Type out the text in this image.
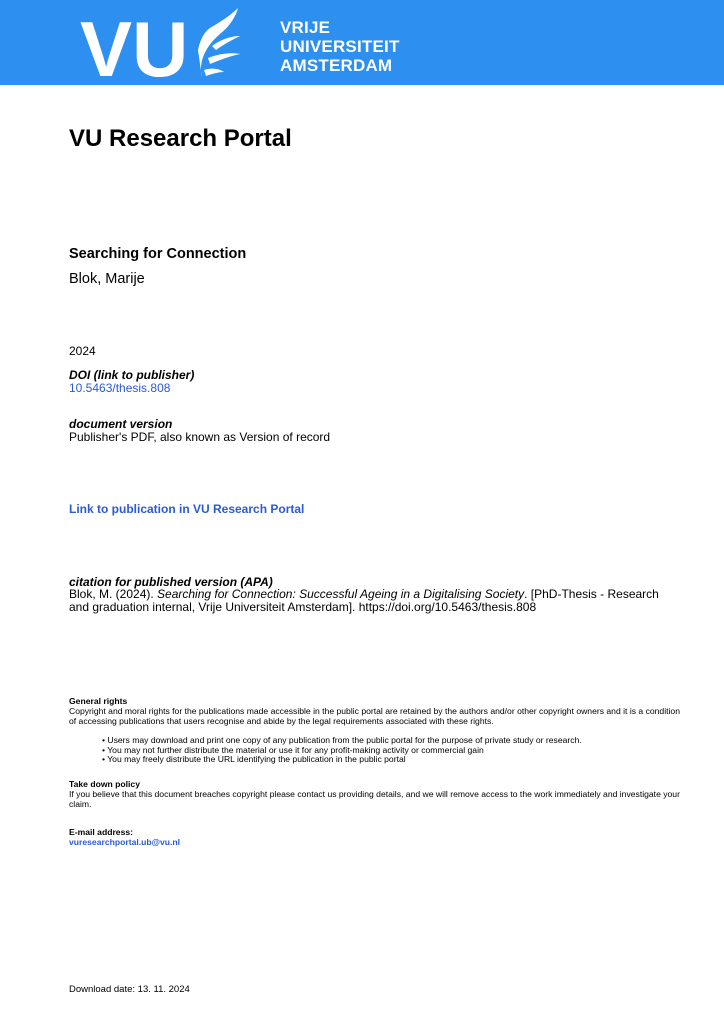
VU	VRIJE
UNIVERSITEIT
AMSTERDAM
VU Research Portal
Searching for Connection
Blok, Marije
2024
DOI (link to publisher)
10.5463/thesis.808
document version
Publisher's PDF, also known as Version of record
Link to publication in VU Research Portal
citation for published version (APA)
Blok, M. (2024). Searching for Connection: Successful Ageing in a Digitalising Society. [PhD-Thesis - Research and graduation internal, Vrije Universiteit Amsterdam]. https://doi.org/10.5463/thesis.808
General rights
Copyright and moral rights for the publications made accessible in the public portal are retained by the authors and/or other copyright owners and it is a condition of accessing publications that users recognise and abide by the legal requirements associated with these rights.
• Users may download and print one copy of any publication from the public portal for the purpose of private study or research.
• You may not further distribute the material or use it for any profit-making activity or commercial gain
• You may freely distribute the URL identifying the publication in the public portal
Take down policy
If you believe that this document breaches copyright please contact us providing details, and we will remove access to the work immediately and investigate your claim.
E-mail address:
vuresearchportal.ub@vu.nl
Download date: 13. 11. 2024
